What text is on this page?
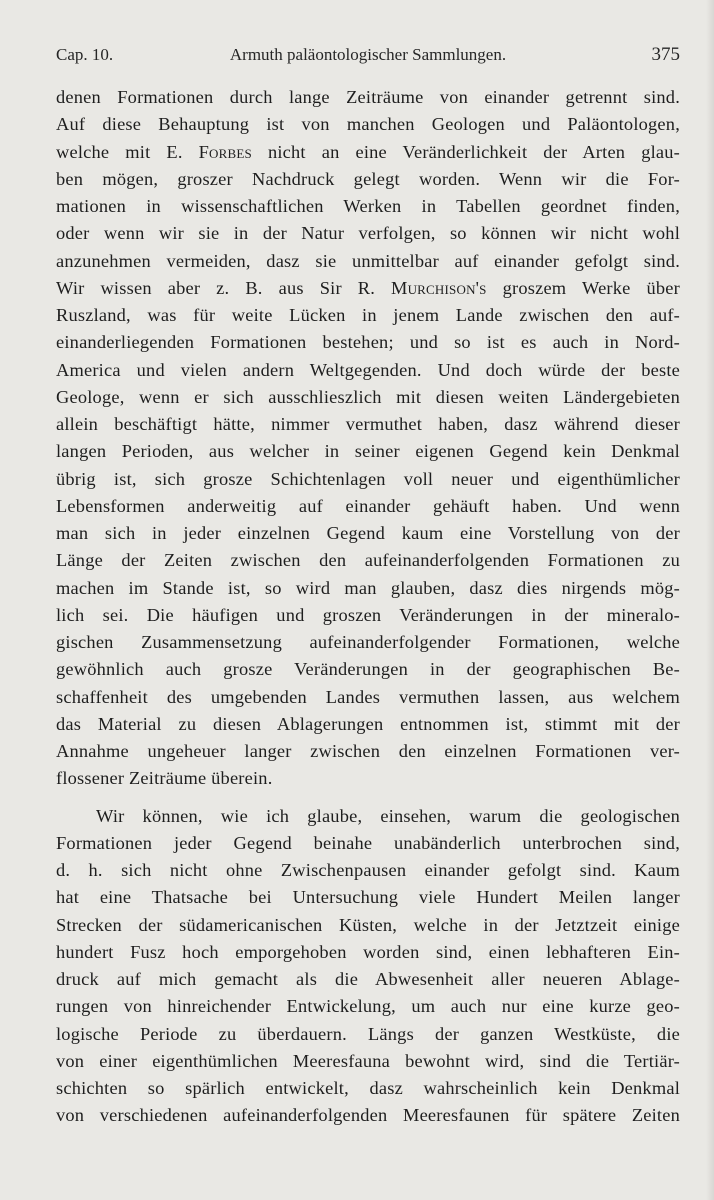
Cap. 10.	Armuth paläontologischer Sammlungen.	375
denen Formationen durch lange Zeiträume von einander getrennt sind.
Auf diese Behauptung ist von manchen Geologen und Paläontologen,
welche mit E. Forbes nicht an eine Veränderlichkeit der Arten glau-
ben mögen, groszer Nachdruck gelegt worden. Wenn wir die For-
mationen in wissenschaftlichen Werken in Tabellen geordnet finden,
oder wenn wir sie in der Natur verfolgen, so können wir nicht wohl
anzunehmen vermeiden, dasz sie unmittelbar auf einander gefolgt sind.
Wir wissen aber z. B. aus Sir R. Murchison's groszem Werke über
Ruszland, was für weite Lücken in jenem Lande zwischen den auf-
einanderliegenden Formationen bestehen; und so ist es auch in Nord-
America und vielen andern Weltgegenden. Und doch würde der beste
Geologe, wenn er sich ausschlieszlich mit diesen weiten Ländergebieten
allein beschäftigt hätte, nimmer vermuthet haben, dasz während dieser
langen Perioden, aus welcher in seiner eigenen Gegend kein Denkmal
übrig ist, sich grosze Schichtenlagen voll neuer und eigenthümlicher
Lebensformen anderweitig auf einander gehäuft haben. Und wenn
man sich in jeder einzelnen Gegend kaum eine Vorstellung von der
Länge der Zeiten zwischen den aufeinanderfolgenden Formationen zu
machen im Stande ist, so wird man glauben, dasz dies nirgends mög-
lich sei. Die häufigen und groszen Veränderungen in der mineralo-
gischen Zusammensetzung aufeinanderfolgender Formationen, welche
gewöhnlich auch grosze Veränderungen in der geographischen Be-
schaffenheit des umgebenden Landes vermuthen lassen, aus welchem
das Material zu diesen Ablagerungen entnommen ist, stimmt mit der
Annahme ungeheuer langer zwischen den einzelnen Formationen ver-
flossener Zeiträume überein.
Wir können, wie ich glaube, einsehen, warum die geologischen
Formationen jeder Gegend beinahe unabänderlich unterbrochen sind,
d. h. sich nicht ohne Zwischenpausen einander gefolgt sind. Kaum
hat eine Thatsache bei Untersuchung viele Hundert Meilen langer
Strecken der südamericanischen Küsten, welche in der Jetztzeit einige
hundert Fusz hoch emporgehoben worden sind, einen lebhafteren Ein-
druck auf mich gemacht als die Abwesenheit aller neueren Ablage-
rungen von hinreichender Entwickelung, um auch nur eine kurze geo-
logische Periode zu überdauern. Längs der ganzen Westküste, die
von einer eigenthümlichen Meeresfauna bewohnt wird, sind die Tertiär-
schichten so spärlich entwickelt, dasz wahrscheinlich kein Denkmal
von verschiedenen aufeinanderfolgenden Meeresfaunen für spätere Zeiten
